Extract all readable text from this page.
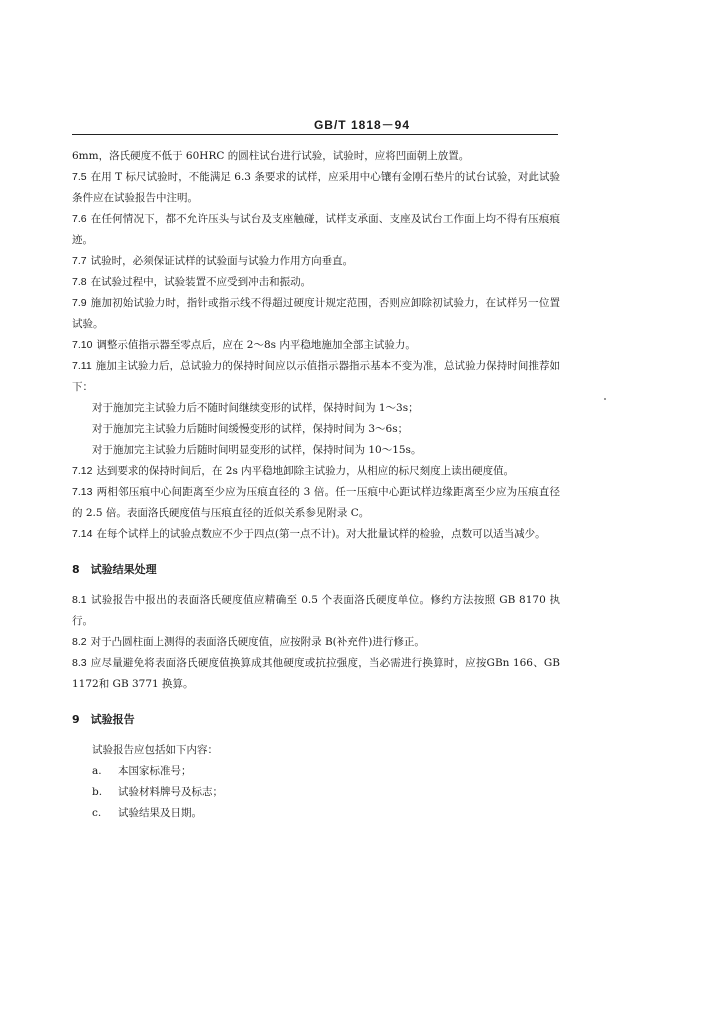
GB/T 1818－94

6mm，洛氏硬度不低于 60HRC 的圆柱试台进行试验，试验时，应将凹面朝上放置。

7.5 在用 T 标尺试验时，不能满足 6.3 条要求的试样，应采用中心镶有金刚石垫片的试台试验，对此试验条件应在试验报告中注明。

7.6 在任何情况下，都不允许压头与试台及支座触碰，试样支承面、支座及试台工作面上均不得有压痕痕迹。

7.7 试验时，必须保证试样的试验面与试验力作用方向垂直。

7.8 在试验过程中，试验装置不应受到冲击和振动。

7.9 施加初始试验力时，指针或指示线不得超过硬度计规定范围，否则应卸除初试验力，在试样另一位置试验。

7.10 调整示值指示器至零点后，应在 2～8s 内平稳地施加全部主试验力。

7.11 施加主试验力后，总试验力的保持时间应以示值指示器指示基本不变为准，总试验力保持时间推荐如下：

对于施加完主试验力后不随时间继续变形的试样，保持时间为 1～3s；

对于施加完主试验力后随时间缓慢变形的试样，保持时间为 3～6s；

对于施加完主试验力后随时间明显变形的试样，保持时间为 10～15s。

7.12 达到要求的保持时间后，在 2s 内平稳地卸除主试验力，从相应的标尺刻度上读出硬度值。

7.13 两相邻压痕中心间距离至少应为压痕直径的 3 倍。任一压痕中心距试样边缘距离至少应为压痕直径的 2.5 倍。表面洛氏硬度值与压痕直径的近似关系参见附录 C。

7.14 在每个试样上的试验点数应不少于四点(第一点不计)。对大批量试样的检验，点数可以适当减少。

8　试验结果处理

8.1 试验报告中报出的表面洛氏硬度值应精确至 0.5 个表面洛氏硬度单位。修约方法按照 GB 8170 执行。

8.2 对于凸圆柱面上测得的表面洛氏硬度值，应按附录 B(补充件)进行修正。

8.3 应尽量避免将表面洛氏硬度值换算成其他硬度或抗拉强度，当必需进行换算时，应按GBn 166、GB 1172和 GB 3771 换算。

9　试验报告

试验报告应包括如下内容：

a. 本国家标准号；

b. 试验材料牌号及标志；

c. 试验结果及日期。
